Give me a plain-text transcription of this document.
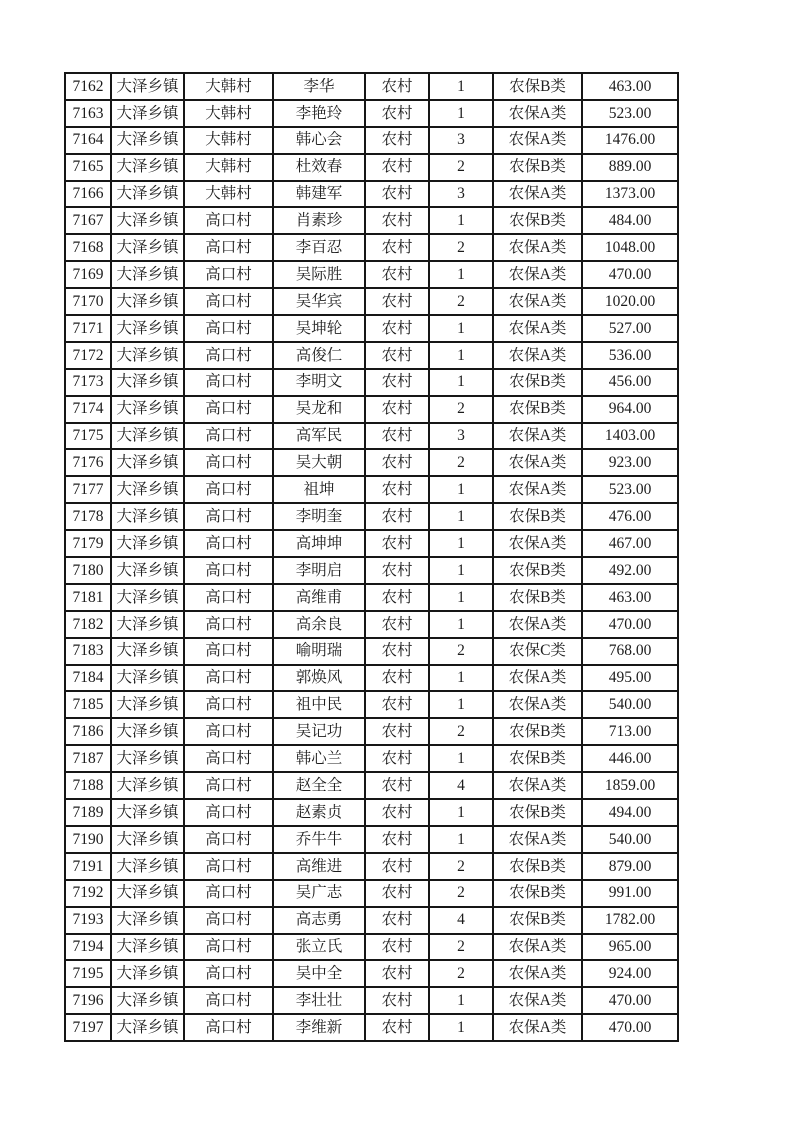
7162	大泽乡镇	大韩村	李华	农村	1	农保B类	463.00
7163	大泽乡镇	大韩村	李艳玲	农村	1	农保A类	523.00
7164	大泽乡镇	大韩村	韩心会	农村	3	农保A类	1476.00
7165	大泽乡镇	大韩村	杜效春	农村	2	农保B类	889.00
7166	大泽乡镇	大韩村	韩建军	农村	3	农保A类	1373.00
7167	大泽乡镇	高口村	肖素珍	农村	1	农保B类	484.00
7168	大泽乡镇	高口村	李百忍	农村	2	农保A类	1048.00
7169	大泽乡镇	高口村	吴际胜	农村	1	农保A类	470.00
7170	大泽乡镇	高口村	吴华宾	农村	2	农保A类	1020.00
7171	大泽乡镇	高口村	吴坤轮	农村	1	农保A类	527.00
7172	大泽乡镇	高口村	高俊仁	农村	1	农保A类	536.00
7173	大泽乡镇	高口村	李明文	农村	1	农保B类	456.00
7174	大泽乡镇	高口村	吴龙和	农村	2	农保B类	964.00
7175	大泽乡镇	高口村	高军民	农村	3	农保A类	1403.00
7176	大泽乡镇	高口村	吴大朝	农村	2	农保A类	923.00
7177	大泽乡镇	高口村	祖坤	农村	1	农保A类	523.00
7178	大泽乡镇	高口村	李明奎	农村	1	农保B类	476.00
7179	大泽乡镇	高口村	高坤坤	农村	1	农保A类	467.00
7180	大泽乡镇	高口村	李明启	农村	1	农保B类	492.00
7181	大泽乡镇	高口村	高维甫	农村	1	农保B类	463.00
7182	大泽乡镇	高口村	高余良	农村	1	农保A类	470.00
7183	大泽乡镇	高口村	喻明瑞	农村	2	农保C类	768.00
7184	大泽乡镇	高口村	郭焕风	农村	1	农保A类	495.00
7185	大泽乡镇	高口村	祖中民	农村	1	农保A类	540.00
7186	大泽乡镇	高口村	吴记功	农村	2	农保B类	713.00
7187	大泽乡镇	高口村	韩心兰	农村	1	农保B类	446.00
7188	大泽乡镇	高口村	赵全全	农村	4	农保A类	1859.00
7189	大泽乡镇	高口村	赵素贞	农村	1	农保B类	494.00
7190	大泽乡镇	高口村	乔牛牛	农村	1	农保A类	540.00
7191	大泽乡镇	高口村	高维进	农村	2	农保B类	879.00
7192	大泽乡镇	高口村	吴广志	农村	2	农保B类	991.00
7193	大泽乡镇	高口村	高志勇	农村	4	农保B类	1782.00
7194	大泽乡镇	高口村	张立氏	农村	2	农保A类	965.00
7195	大泽乡镇	高口村	吴中全	农村	2	农保A类	924.00
7196	大泽乡镇	高口村	李壮壮	农村	1	农保A类	470.00
7197	大泽乡镇	高口村	李维新	农村	1	农保A类	470.00
